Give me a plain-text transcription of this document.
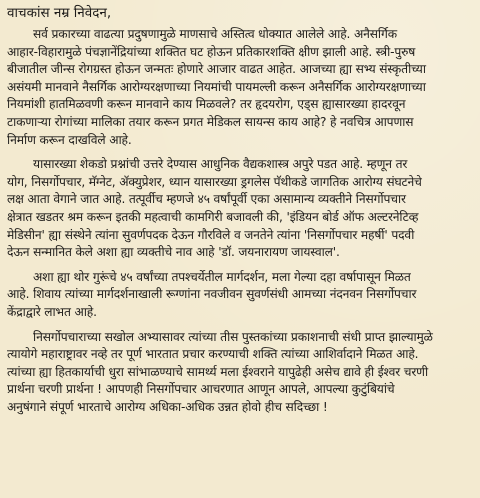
वाचकांस नम्र निवेदन,
सर्व प्रकारच्या वाढत्या प्रदुषणामुळे माणसाचे अस्तित्व धोक्यात आलेले आहे. अनैसर्गिक
आहार-विहारामुळे पंचज्ञानेंद्रियांच्या शक्तित घट होऊन प्रतिकारशक्ति क्षीण झाली आहे. स्त्री-पुरुष
बीजातील जीन्स रोगग्रस्त होऊन जन्मतः होणारे आजार वाढत आहेत. आजच्या ह्या सभ्य संस्कृतीच्या
असंयमी मानवाने नैसर्गिक आरोग्यरक्षणाच्या नियमांची पायमल्ली करून अनैसर्गिक आरोग्यरक्षणाच्या
नियमांशी हातमिळवणी करून मानवाने काय मिळवले? तर हृदयरोग, एड्स ह्यासारख्या हादरवून
टाकणाऱ्या रोगांच्या मालिका तयार करून प्रगत मेडिकल सायन्स काय आहे? हे नवचित्र आपणास
निर्माण करून दाखविले आहे.
यासारख्या शेकडो प्रश्नांची उत्तरे देण्यास आधुनिक वैद्यकशास्त्र अपुरे पडत आहे. म्हणून तर
योग, निसर्गोपचार, मॅग्नेट, ॲक्युप्रेशर, ध्यान यासारख्या ड्रगलेस पॅथीकडे जागतिक आरोग्य संघटनेचे
लक्ष आता वेगाने जात आहे. तत्पूर्वीच म्हणजे ४५ वर्षांपूर्वी एका असामान्य व्यक्तीने निसर्गोपचार
क्षेत्रात खडतर श्रम करून इतकी महत्वाची कामगिरी बजावली की, 'इंडियन बोर्ड ऑफ अल्टरनेटिव्ह
मेडिसीन' ह्या संस्थेने त्यांना सुवर्णपदक देऊन गौरविले व जनतेने त्यांना 'निसर्गोपचार महर्षी' पदवी
देऊन सन्मानित केले अशा ह्या व्यक्तीचे नाव आहे 'डॉ. जयनारायण जायस्वाल'.
अशा ह्या थोर गुरूंचे ४५ वर्षांच्या तपश्चर्येतील मार्गदर्शन, मला गेल्या दहा वर्षापासून मिळत
आहे. शिवाय त्यांच्या मार्गदर्शनाखाली रूग्णांना नवजीवन सुवर्णसंधी आमच्या नंदनवन निसर्गोपचार
केंद्राद्वारे लाभत आहे.
निसर्गोपचाराच्या सखोल अभ्यासावर त्यांच्या तीस पुस्तकांच्या प्रकाशनाची संधी प्राप्त झाल्यामुळे
त्यायोगे महाराष्ट्रावर नव्हे तर पूर्ण भारतात प्रचार करण्याची शक्ति त्यांच्या आशिर्वादाने मिळत आहे.
त्यांच्या ह्या हितकार्याची धुरा सांभाळण्याचे सामर्थ्य मला ईश्वराने यापुढेही असेच द्यावे ही ईश्वर चरणी
प्रार्थना चरणी प्रार्थना ! आपणही निसर्गोपचार आचरणात आणून आपले, आपल्या कुटुंबियांचे
अनुषंगाने संपूर्ण भारताचे आरोग्य अधिका-अधिक उन्नत होवो हीच सदिच्छा !
